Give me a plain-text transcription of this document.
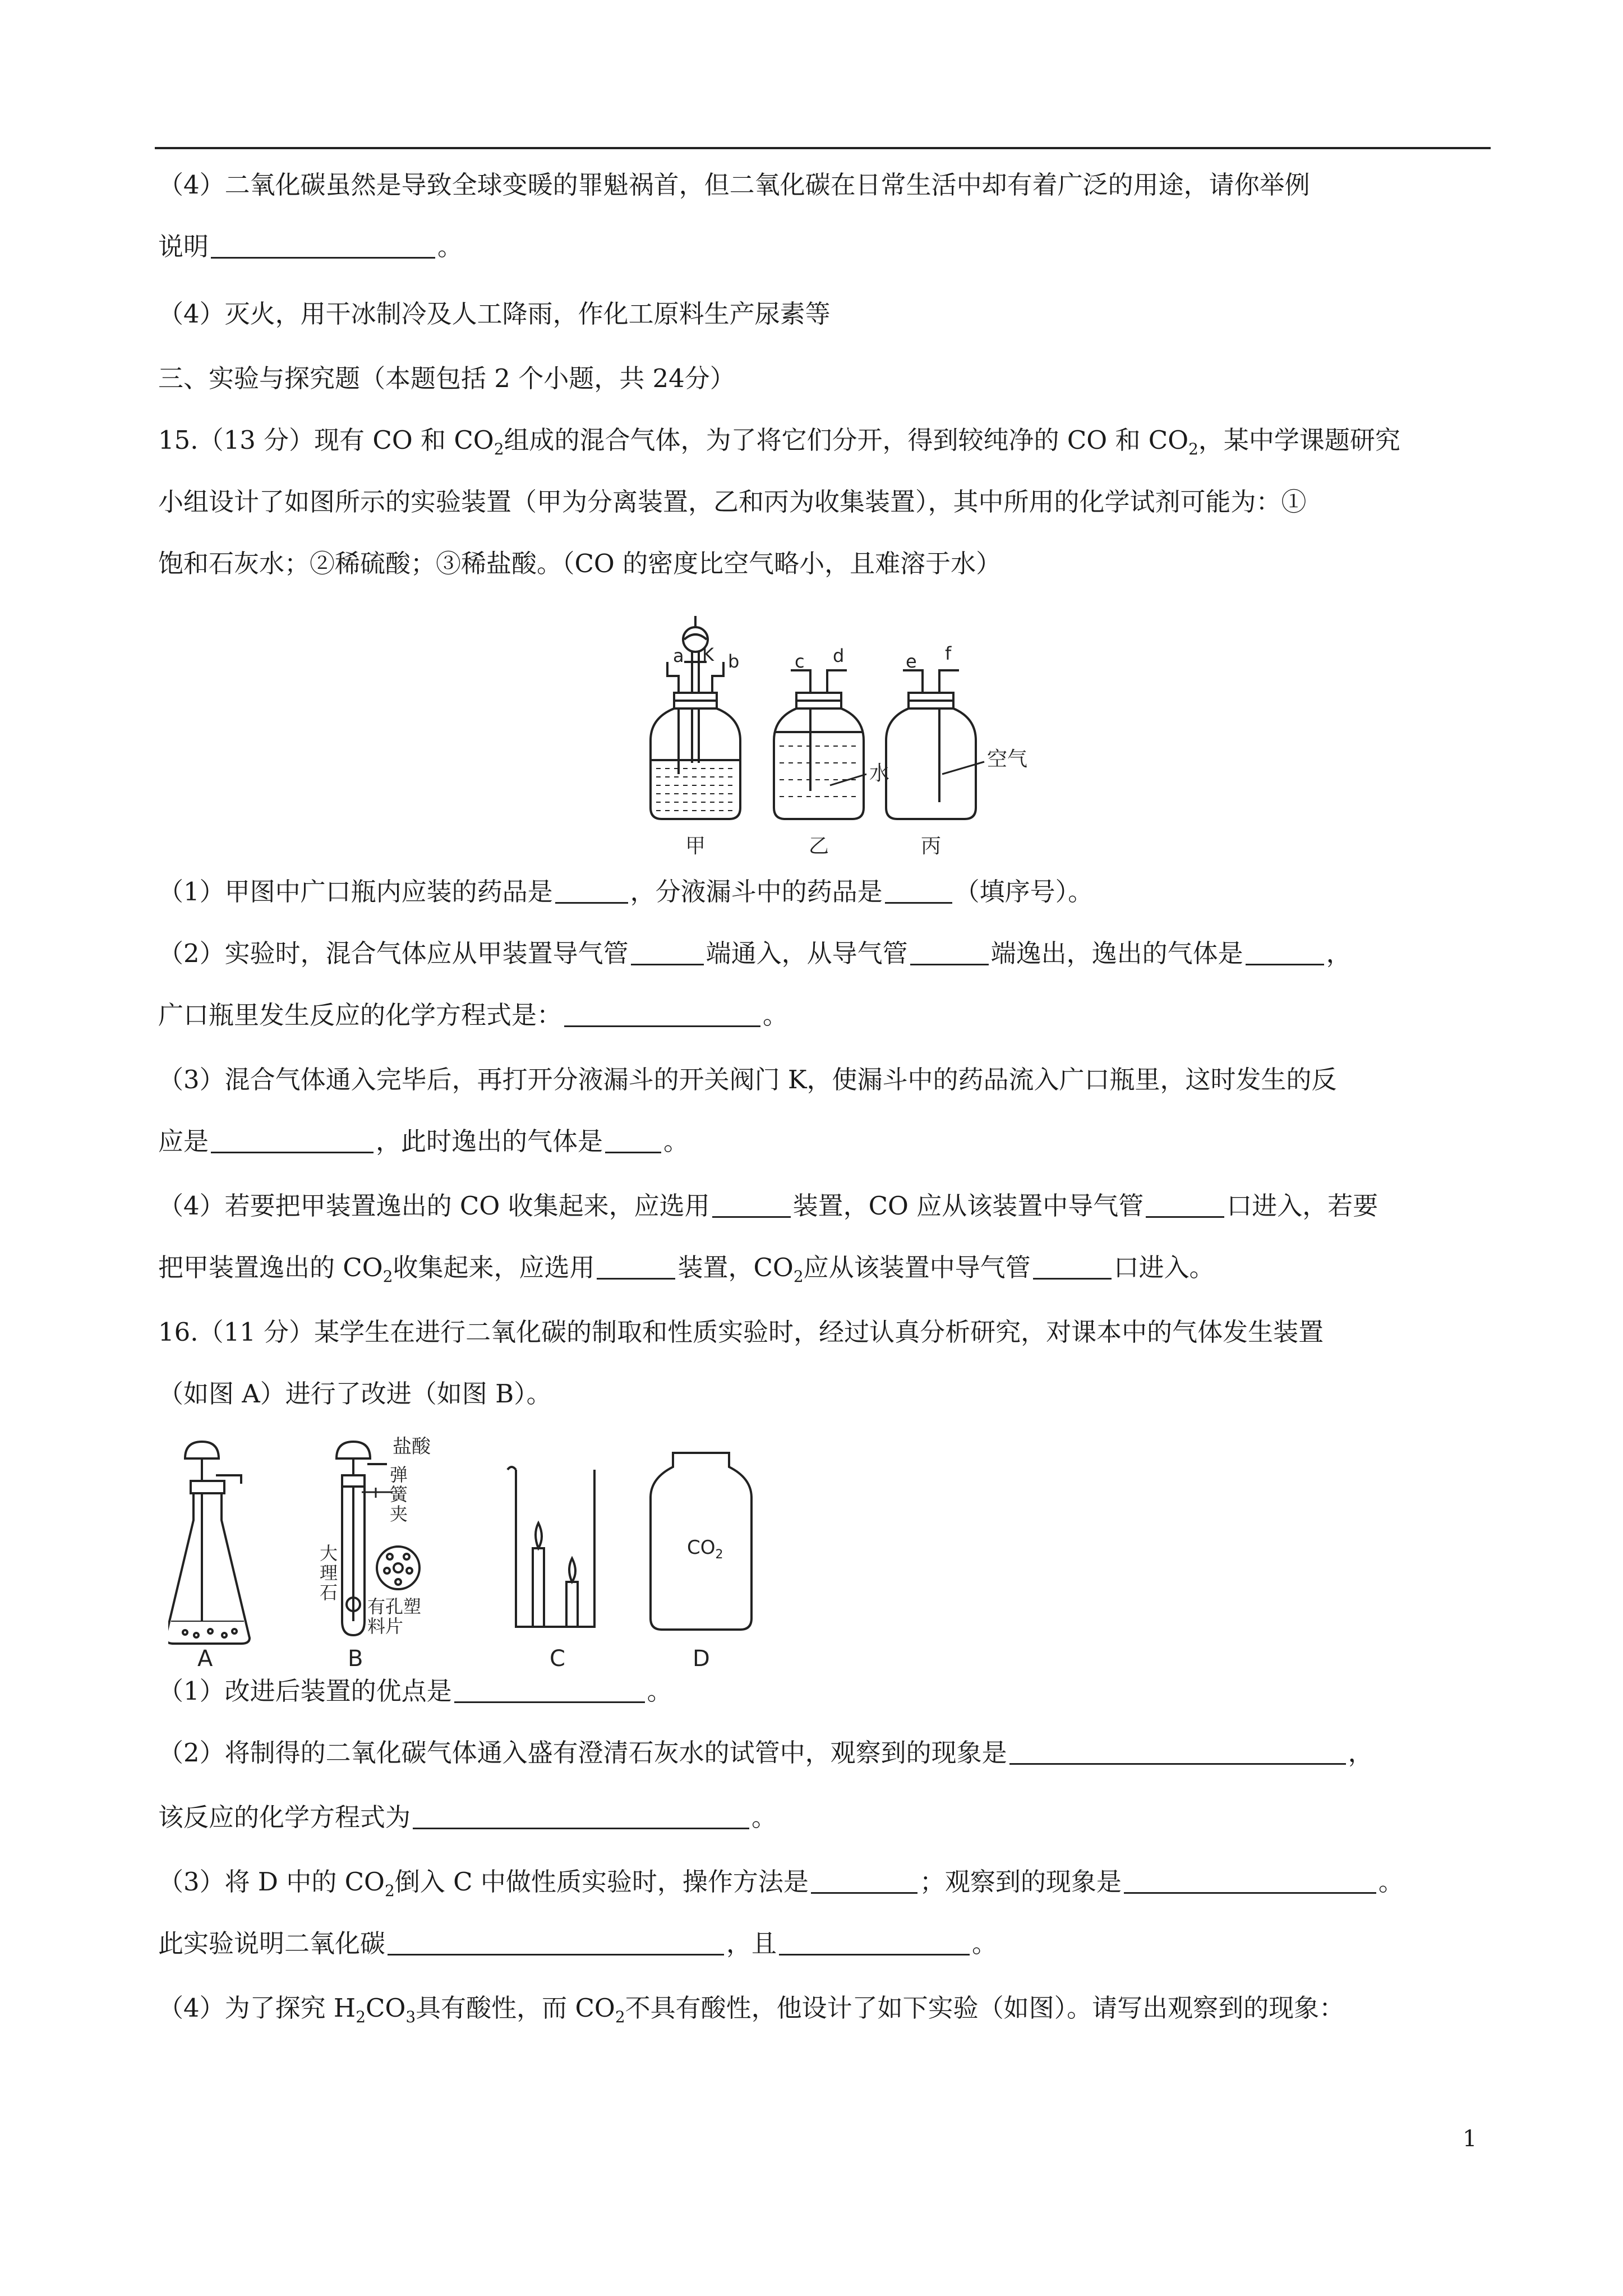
（4）二氧化碳虽然是导致全球变暖的罪魁祸首，但二氧化碳在日常生活中却有着广泛的用途，请你举例
说明	。
（4）灭火，用干冰制冷及人工降雨，作化工原料生产尿素等
三、实验与探究题（本题包括 2 个小题，共 24分）
15.（13 分）现有 CO 和 $CO_2$组成的混合气体，为了将它们分开，得到较纯净的 CO 和 $CO_2$，某中学课题研究
小组设计了如图所示的实验装置（甲为分离装置，乙和丙为收集装置），其中所用的化学试剂可能为：①
饱和石灰水；②稀硫酸；③稀盐酸。（CO 的密度比空气略小，且难溶于水）
a K b	c d	e f
水
空气
甲	乙	丙
（1）甲图中广口瓶内应装的药品是	，分液漏斗中的药品是	（填序号）。
（2）实验时，混合气体应从甲装置导气管	端通入，从导气管	端逸出，逸出的气体是	，
广口瓶里发生反应的化学方程式是：	。
（3）混合气体通入完毕后，再打开分液漏斗的开关阀门 K，使漏斗中的药品流入广口瓶里，这时发生的反
应是	，此时逸出的气体是 。
（4）若要把甲装置逸出的 CO 收集起来，应选用	装置，CO 应从该装置中导气管	口进入，若要
把甲装置逸出的 $CO_2$收集起来，应选用	装置，$CO_2$应从该装置中导气管	口进入。
16.（11 分）某学生在进行二氧化碳的制取和性质实验时，经过认真分析研究，对课本中的气体发生装置
（如图 A）进行了改进（如图 B）。
盐酸
弹
簧
夹
大
理
石
有孔塑
料片
$CO_2$
A	B	C	D
（1）改进后装置的优点是	。
（2）将制得的二氧化碳气体通入盛有澄清石灰水的试管中，观察到的现象是	，
该反应的化学方程式为	。
（3）将 D 中的 $CO_2$倒入 C 中做性质实验时，操作方法是	；观察到的现象是	。
此实验说明二氧化碳	，且	。
（4）为了探究 $H_2CO_3$具有酸性，而 $CO_2$不具有酸性，他设计了如下实验（如图）。请写出观察到的现象：
1
